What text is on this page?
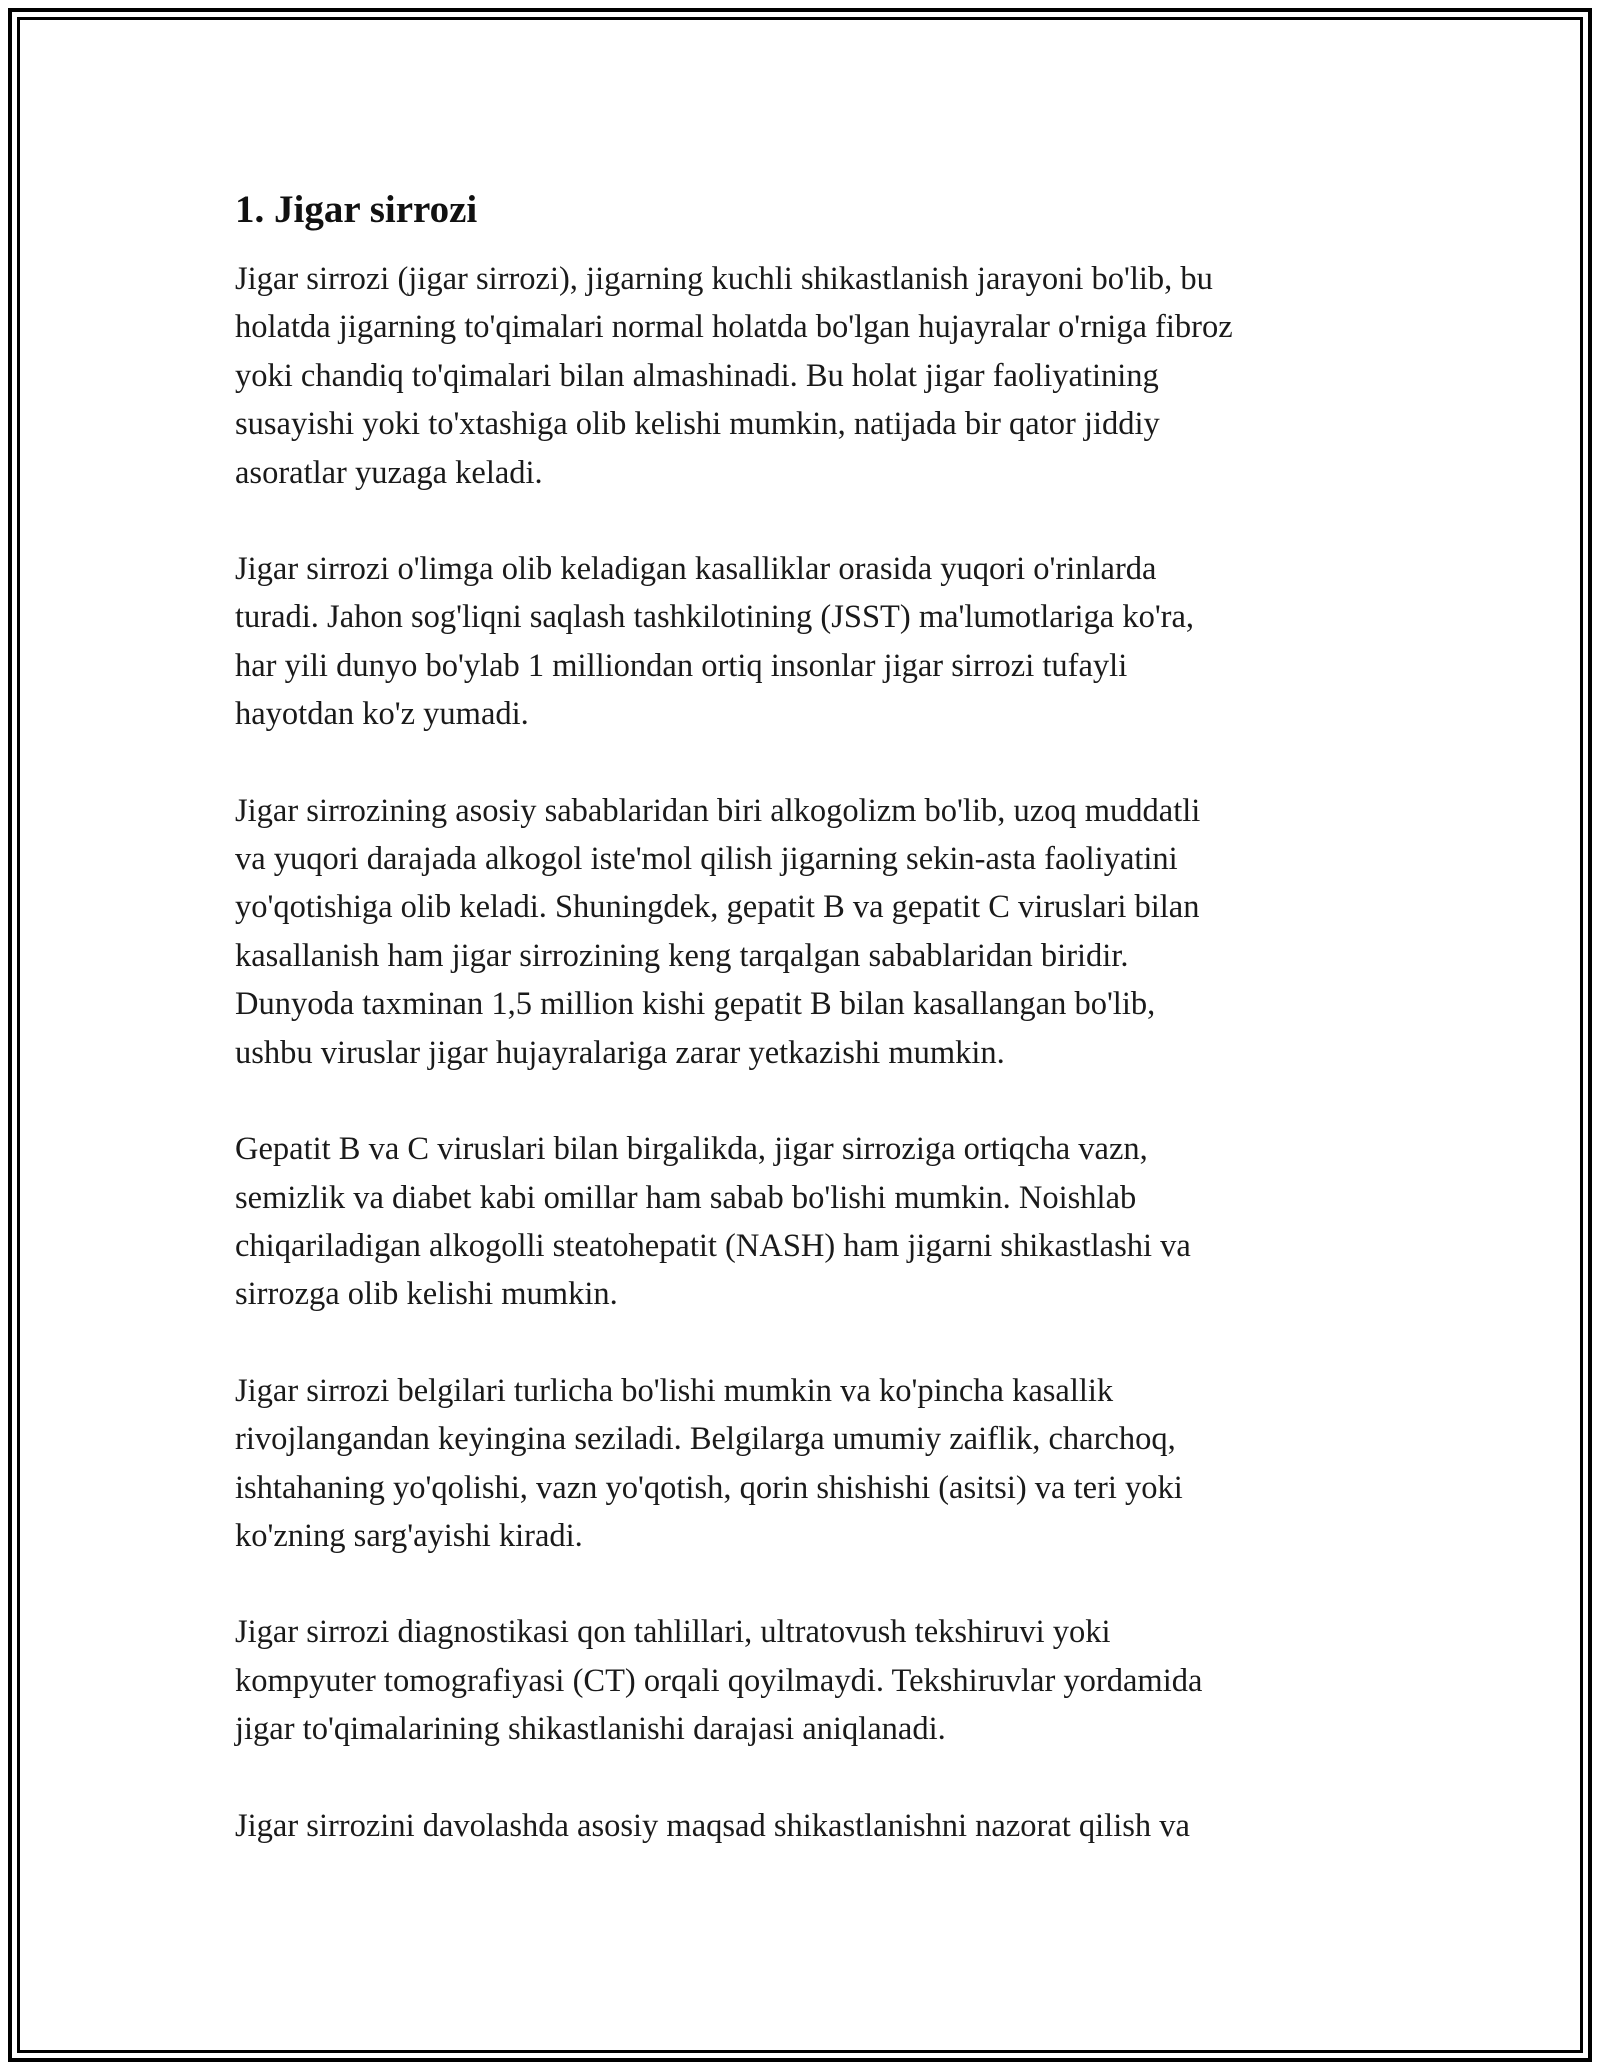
1. Jigar sirrozi

Jigar sirrozi (jigar sirrozi), jigarning kuchli shikastlanish jarayoni bo'lib, bu
holatda jigarning to'qimalari normal holatda bo'lgan hujayralar o'rniga fibroz
yoki chandiq to'qimalari bilan almashinadi. Bu holat jigar faoliyatining
susayishi yoki to'xtashiga olib kelishi mumkin, natijada bir qator jiddiy
asoratlar yuzaga keladi.

Jigar sirrozi o'limga olib keladigan kasalliklar orasida yuqori o'rinlarda
turadi. Jahon sog'liqni saqlash tashkilotining (JSST) ma'lumotlariga ko'ra,
har yili dunyo bo'ylab 1 milliondan ortiq insonlar jigar sirrozi tufayli
hayotdan ko'z yumadi.

Jigar sirrozining asosiy sabablaridan biri alkogolizm bo'lib, uzoq muddatli
va yuqori darajada alkogol iste'mol qilish jigarning sekin-asta faoliyatini
yo'qotishiga olib keladi. Shuningdek, gepatit B va gepatit C viruslari bilan
kasallanish ham jigar sirrozining keng tarqalgan sabablaridan biridir.
Dunyoda taxminan 1,5 million kishi gepatit B bilan kasallangan bo'lib,
ushbu viruslar jigar hujayralariga zarar yetkazishi mumkin.

Gepatit B va C viruslari bilan birgalikda, jigar sirroziga ortiqcha vazn,
semizlik va diabet kabi omillar ham sabab bo'lishi mumkin. Noishlab
chiqariladigan alkogolli steatohepatit (NASH) ham jigarni shikastlashi va
sirrozga olib kelishi mumkin.

Jigar sirrozi belgilari turlicha bo'lishi mumkin va ko'pincha kasallik
rivojlangandan keyingina seziladi. Belgilarga umumiy zaiflik, charchoq,
ishtahaning yo'qolishi, vazn yo'qotish, qorin shishishi (asitsi) va teri yoki
ko'zning sarg'ayishi kiradi.

Jigar sirrozi diagnostikasi qon tahlillari, ultratovush tekshiruvi yoki
kompyuter tomografiyasi (CT) orqali qoyilmaydi. Tekshiruvlar yordamida
jigar to'qimalarining shikastlanishi darajasi aniqlanadi.

Jigar sirrozini davolashda asosiy maqsad shikastlanishni nazorat qilish va
